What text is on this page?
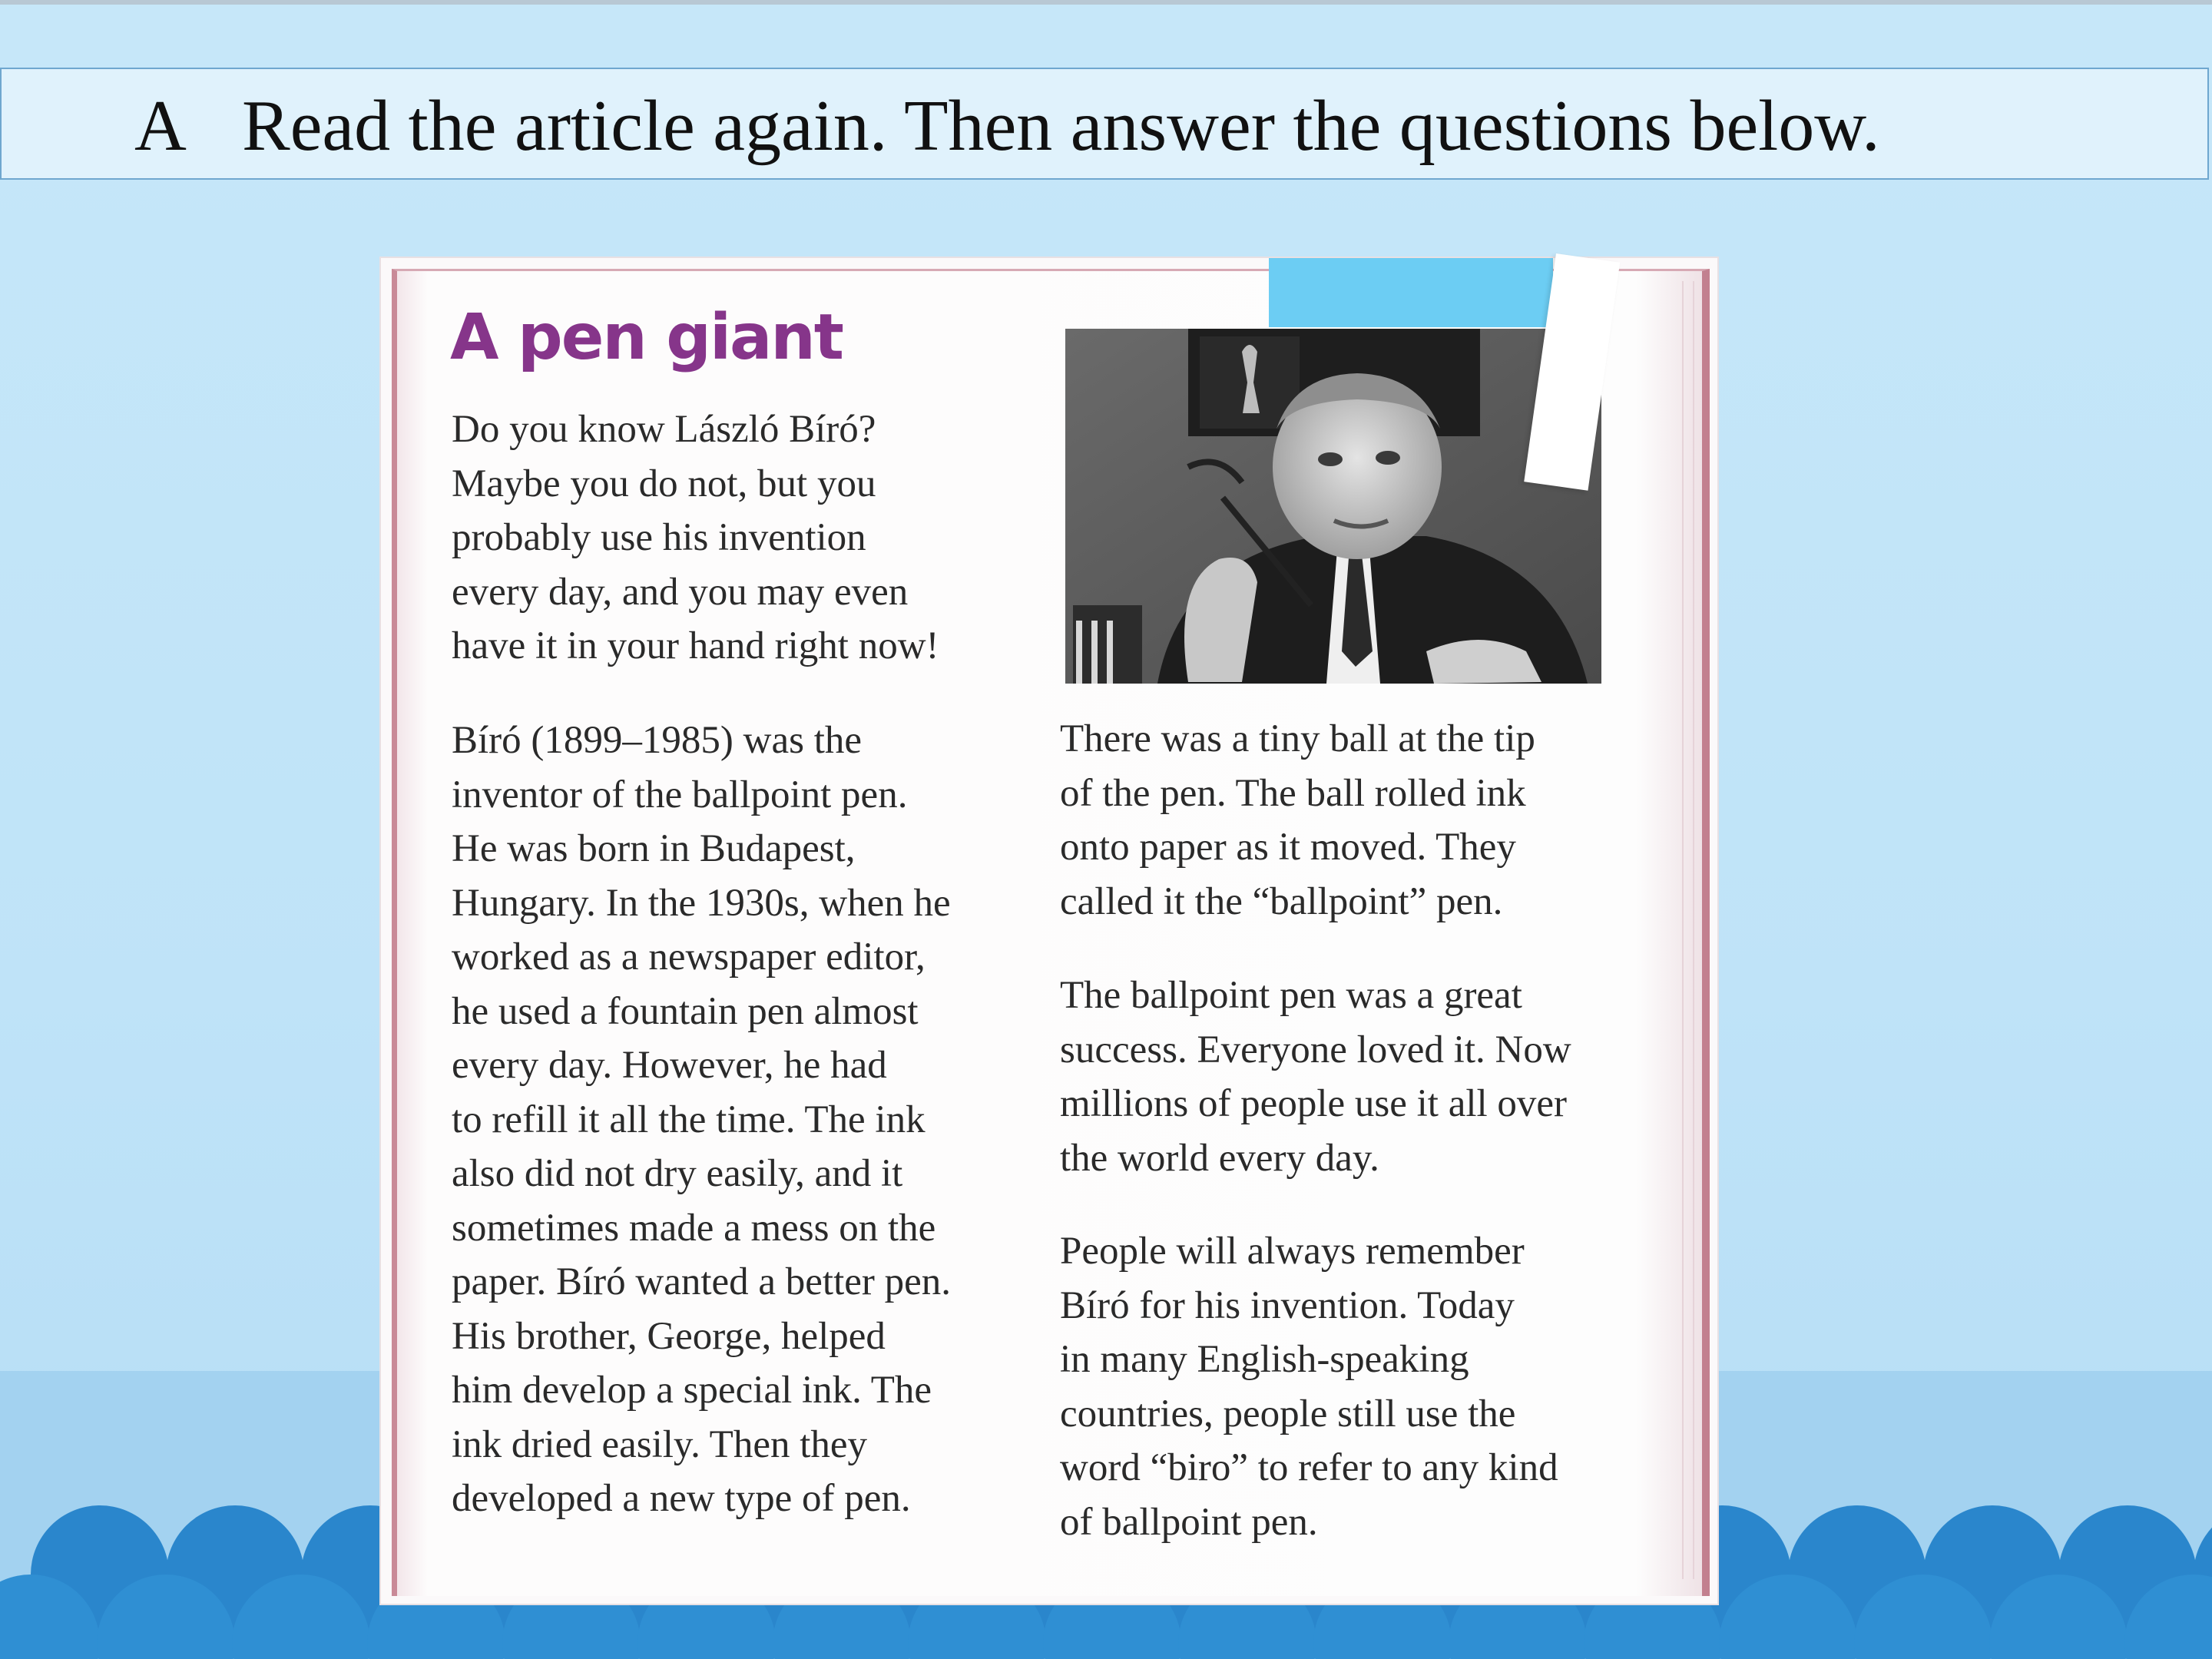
A Read the article again. Then answer the questions below.
A pen giant

Do you know László Bíró?
Maybe you do not, but you
probably use his invention
every day, and you may even
have it in your hand right now!

Bíró (1899–1985) was the
inventor of the ballpoint pen.
He was born in Budapest,
Hungary. In the 1930s, when he
worked as a newspaper editor,
he used a fountain pen almost
every day. However, he had
to refill it all the time. The ink
also did not dry easily, and it
sometimes made a mess on the
paper. Bíró wanted a better pen.
His brother, George, helped
him develop a special ink. The
ink dried easily. Then they
developed a new type of pen.

There was a tiny ball at the tip
of the pen. The ball rolled ink
onto paper as it moved. They
called it the “ballpoint” pen.

The ballpoint pen was a great
success. Everyone loved it. Now
millions of people use it all over
the world every day.

People will always remember
Bíró for his invention. Today
in many English-speaking
countries, people still use the
word “biro” to refer to any kind
of ballpoint pen.
